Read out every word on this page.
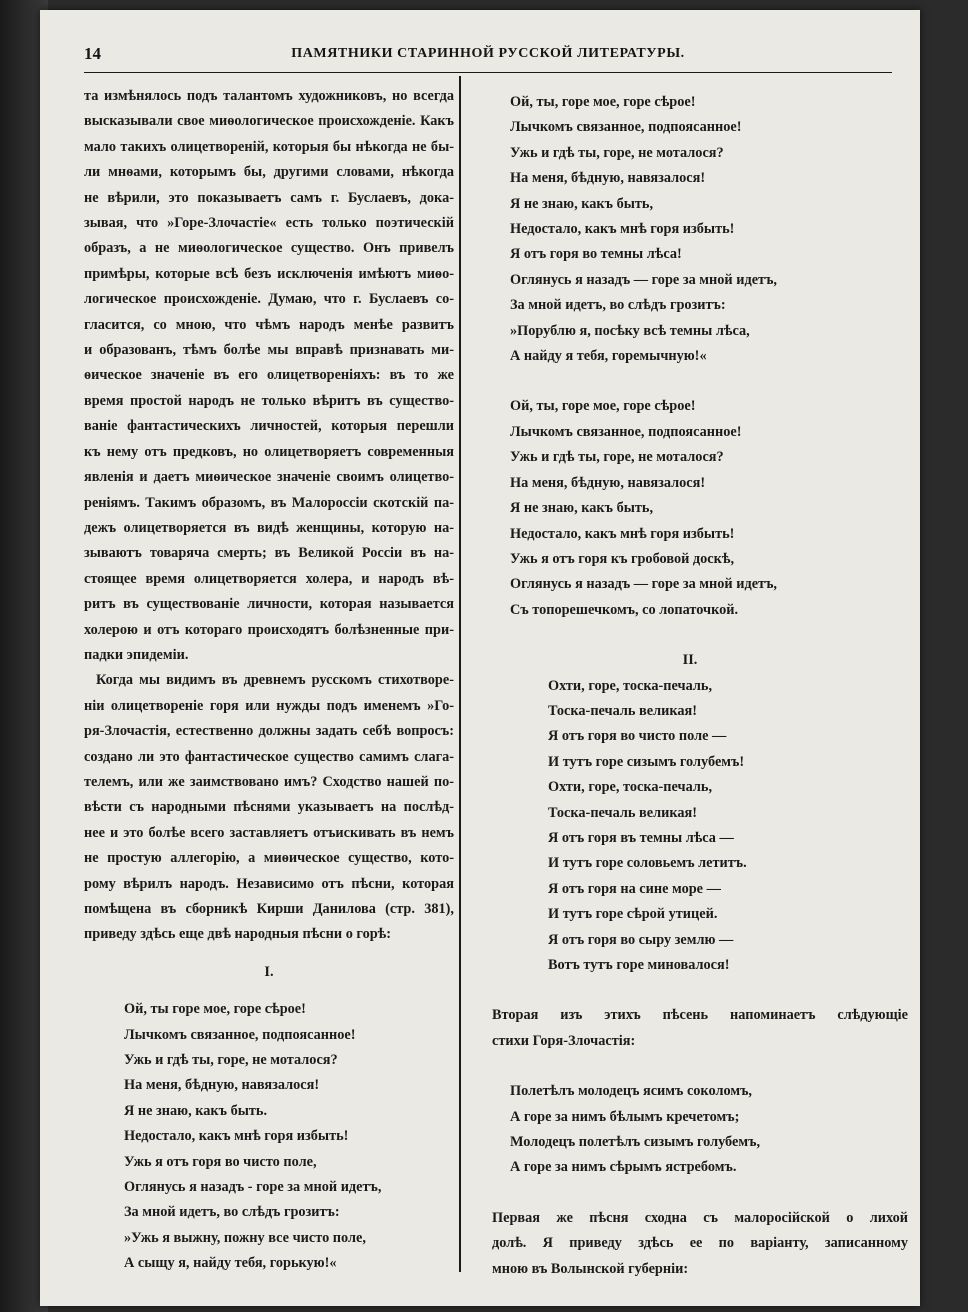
14	ПАМЯТНИКИ СТАРИННОЙ РУССКОЙ ЛИТЕРАТУРЫ.

та измѣнялось подъ талантомъ художниковъ, но всегда

высказывали свое миѳологическое происхожденіе. Какъ

мало такихъ олицетвореній, которыя бы нѣкогда не бы-

ли мнѳами, которымъ бы, другими словами, нѣкогда

не вѣрили, это показываетъ самъ г. Буслаевъ, дока-

зывая, что »Горе-Злочастіе« есть только поэтическій

образъ, а не миѳологическое существо. Онъ привелъ

примѣры, которые всѣ безъ исключенія имѣютъ миѳо-

логическое происхожденіе. Думаю, что г. Буслаевъ со-

гласится, со мною, что чѣмъ народъ менѣе развитъ

и образованъ, тѣмъ болѣе мы вправѣ признавать ми-

ѳическое значеніе въ его олицетвореніяхъ: въ то же

время простой народъ не только вѣритъ въ существо-

ваніе фантастическихъ личностей, которыя перешли

къ нему отъ предковъ, но олицетворяетъ современныя

явленія и даетъ миѳическое значеніе своимъ олицетво-

реніямъ. Такимъ образомъ, въ Малороссіи скотскій па-

дежъ олицетворяется въ видѣ женщины, которую на-

зываютъ товаряча смерть; въ Великой Россіи въ на-

стоящее время олицетворяется холера, и народъ вѣ-

ритъ въ существованіе личности, которая называется

холерою и отъ котораго происходятъ болѣзненные при-

падки эпидеміи.

Когда мы видимъ въ древнемъ русскомъ стихотворе-

ніи олицетвореніе горя или нужды подъ именемъ »Го-

ря-Злочастія, естественно должны задать себѣ вопросъ:

создано ли это фантастическое существо самимъ слага-

телемъ, или же заимствовано имъ? Сходство нашей по-

вѣсти съ народными пѣснями указываетъ на послѣд-

нее и это болѣе всего заставляетъ отъискивать въ немъ

не простую аллегорію, а миѳическое существо, кото-

рому вѣрилъ народъ. Независимо отъ пѣсни, которая

помѣщена въ сборникѣ Кирши Данилова (стр. 381),

приведу здѣсь еще двѣ народныя пѣсни о горѣ:

I.

Ой, ты горе мое, горе сѣрое!
Лычкомъ связанное, подпоясанное!
Ужь и гдѣ ты, горе, не моталося?
На меня, бѣдную, навязалося!
Я не знаю, какъ быть.
Недостало, какъ мнѣ горя избыть!
Ужь я отъ горя во чисто поле,
Оглянусь я назадъ - горе за мной идетъ,
За мной идетъ, во слѣдъ грозитъ:
»Ужь я выжну, пожну все чисто поле,
А сыщу я, найду тебя, горькую!«
Ой, ты, горе мое, горе сѣрое!
Лычкомъ связанное, подпоясанное!
Ужь и гдѣ ты, горе, не моталося?
На меня, бѣдную, навязалося!
Я не знаю, какъ быть,
Недостало, какъ мнѣ горя избыть!
Я отъ горя во темны лѣса!
Оглянусь я назадъ — горе за мной идетъ,
За мной идетъ, во слѣдъ грозитъ:
»Порублю я, посѣку всѣ темны лѣса,
А найду я тебя, горемычную!«
Ой, ты, горе мое, горе сѣрое!
Лычкомъ связанное, подпоясанное!
Ужь и гдѣ ты, горе, не моталося?
На меня, бѣдную, навязалося!
Я не знаю, какъ быть,
Недостало, какъ мнѣ горя избыть!
Ужь я отъ горя къ гробовой доскѣ,
Оглянусь я назадъ — горе за мной идетъ,
Съ топорешечкомъ, со лопаточкой.

II.

Охти, горе, тоска-печаль,
Тоска-печаль великая!
Я отъ горя во чисто поле —
И тутъ горе сизымъ голубемъ!
Охти, горе, тоска-печаль,
Тоска-печаль великая!
Я отъ горя въ темны лѣса —
И тутъ горе соловьемъ летитъ.
Я отъ горя на сине море —
И тутъ горе сѣрой утицей.
Я отъ горя во сыру землю —
Вотъ тутъ горе миновалося!

Вторая изъ этихъ пѣсень напоминаетъ слѣдующіе

стихи Горя-Злочастія:

Полетѣлъ молодецъ ясимъ соколомъ,
А горе за нимъ бѣлымъ кречетомъ;
Молодецъ полетѣлъ сизымъ голубемъ,
А горе за нимъ сѣрымъ ястребомъ.

Первая же пѣсня сходна съ малоросійской о лихой

долѣ. Я приведу здѣсь ее по варіанту, записанному

мною въ Волынской губерніи:
